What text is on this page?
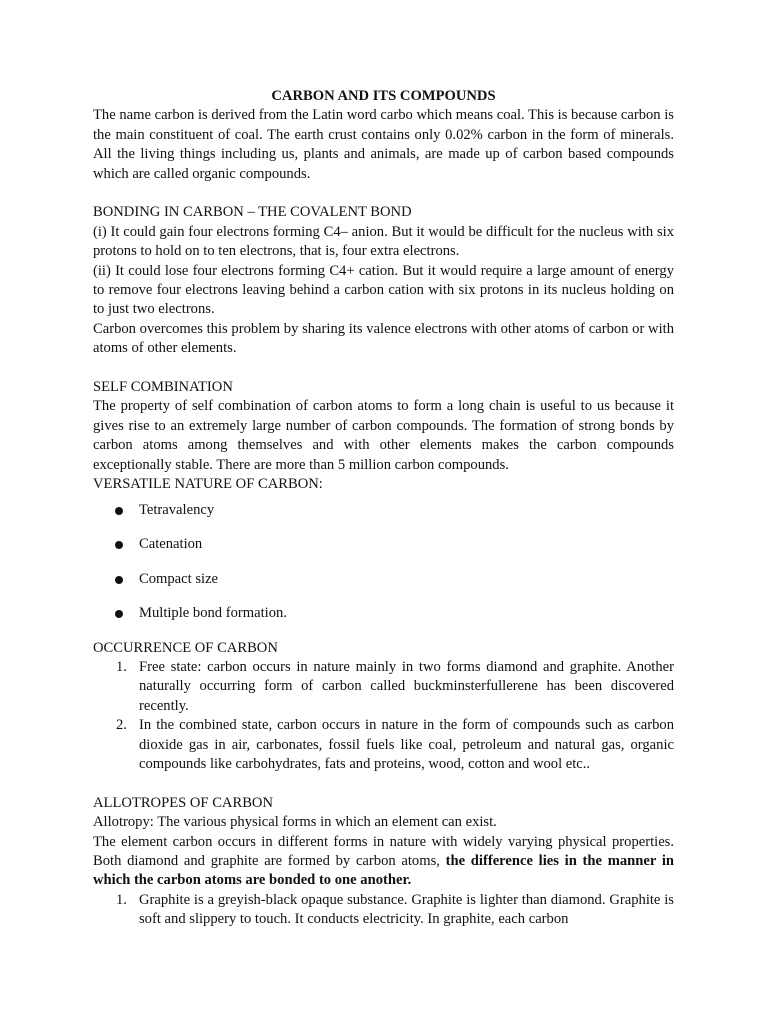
CARBON AND ITS COMPOUNDS

The name carbon is derived from the Latin word carbo which means coal. This is because carbon is the main constituent of coal. The earth crust contains only 0.02% carbon in the form of minerals. All the living things including us, plants and animals, are made up of carbon based compounds which are called organic compounds.

BONDING IN CARBON – THE COVALENT BOND

(i) It could gain four electrons forming C4– anion. But it would be difficult for the nucleus with six protons to hold on to ten electrons, that is, four extra electrons.

(ii) It could lose four electrons forming C4+ cation. But it would require a large amount of energy to remove four electrons leaving behind a carbon cation with six protons in its nucleus holding on to just two electrons.

Carbon overcomes this problem by sharing its valence electrons with other atoms of carbon or with atoms of other elements.

SELF COMBINATION

The property of self combination of carbon atoms to form a long chain is useful to us because it gives rise to an extremely large number of carbon compounds. The formation of strong bonds by carbon atoms among themselves and with other elements makes the carbon compounds exceptionally stable. There are more than 5 million carbon compounds.

VERSATILE NATURE OF CARBON:

Tetravalency
Catenation
Compact size
Multiple bond formation.

OCCURRENCE OF CARBON

1. Free state: carbon occurs in nature mainly in two forms diamond and graphite. Another naturally occurring form of carbon called buckminsterfullerene has been discovered recently.
2. In the combined state, carbon occurs in nature in the form of compounds such as carbon dioxide gas in air, carbonates, fossil fuels like coal, petroleum and natural gas, organic compounds like carbohydrates, fats and proteins, wood, cotton and wool etc..

ALLOTROPES OF CARBON

Allotropy: The various physical forms in which an element can exist.

The element carbon occurs in different forms in nature with widely varying physical properties. Both diamond and graphite are formed by carbon atoms, the difference lies in the manner in which the carbon atoms are bonded to one another.

1. Graphite is a greyish-black opaque substance. Graphite is lighter than diamond. Graphite is soft and slippery to touch. It conducts electricity. In graphite, each carbon
